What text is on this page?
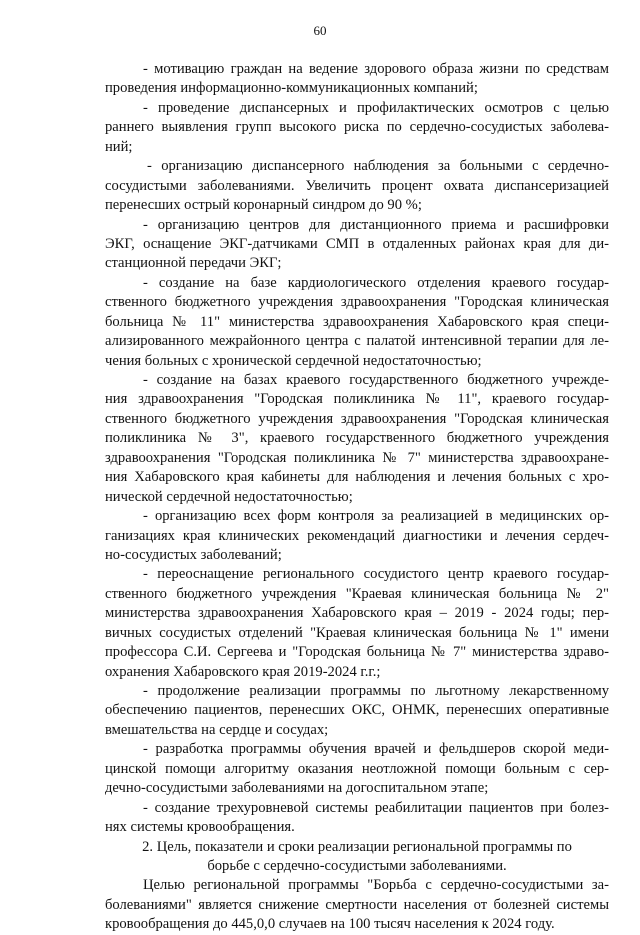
60
- мотивацию граждан на ведение здорового образа жизни по средствам
проведения информационно-коммуникационных компаний;
- проведение диспансерных и профилактических осмотров с целью
раннего выявления групп высокого риска по сердечно-сосудистых заболева-
ний;
- организацию диспансерного наблюдения за больными с сердечно-
сосудистыми заболеваниями. Увеличить процент охвата диспансеризацией
перенесших острый коронарный синдром до 90 %;
- организацию центров для дистанционного приема и расшифровки
ЭКГ, оснащение ЭКГ-датчиками СМП в отдаленных районах края для ди-
станционной передачи ЭКГ;
- создание на базе кардиологического отделения краевого государ-
ственного бюджетного учреждения здравоохранения "Городская клиническая
больница № 11" министерства здравоохранения Хабаровского края специ-
ализированного межрайонного центра с палатой интенсивной терапии для ле-
чения больных с хронической сердечной недостаточностью;
- создание на базах краевого государственного бюджетного учрежде-
ния здравоохранения "Городская поликлиника № 11", краевого государ-
ственного бюджетного учреждения здравоохранения "Городская клиническая
поликлиника № 3", краевого государственного бюджетного учреждения
здравоохранения "Городская поликлиника № 7" министерства здравоохране-
ния Хабаровского края кабинеты для наблюдения и лечения больных с хро-
нической сердечной недостаточностью;
- организацию всех форм контроля за реализацией в медицинских ор-
ганизациях края клинических рекомендаций диагностики и лечения сердеч-
но-сосудистых заболеваний;
- переоснащение регионального сосудистого центр краевого государ-
ственного бюджетного учреждения "Краевая клиническая больница № 2"
министерства здравоохранения Хабаровского края – 2019 - 2024 годы; пер-
вичных сосудистых отделений "Краевая клиническая больница № 1" имени
профессора С.И. Сергеева и "Городская больница № 7" министерства здраво-
охранения Хабаровского края 2019-2024 г.г.;
- продолжение реализации программы по льготному лекарственному
обеспечению пациентов, перенесших ОКС, ОНМК, перенесших оперативные
вмешательства на сердце и сосудах;
- разработка программы обучения врачей и фельдшеров скорой меди-
цинской помощи алгоритму оказания неотложной помощи больным с сер-
дечно-сосудистыми заболеваниями на догоспитальном этапе;
- создание трехуровневой системы реабилитации пациентов при болез-
нях системы кровообращения.
2. Цель, показатели и сроки реализации региональной программы по
борьбе с сердечно-сосудистыми заболеваниями.
Целью региональной программы "Борьба с сердечно-сосудистыми за-
болеваниями" является снижение смертности населения от болезней системы
кровообращения до 445,0,0 случаев на 100 тысяч населения к 2024 году.
